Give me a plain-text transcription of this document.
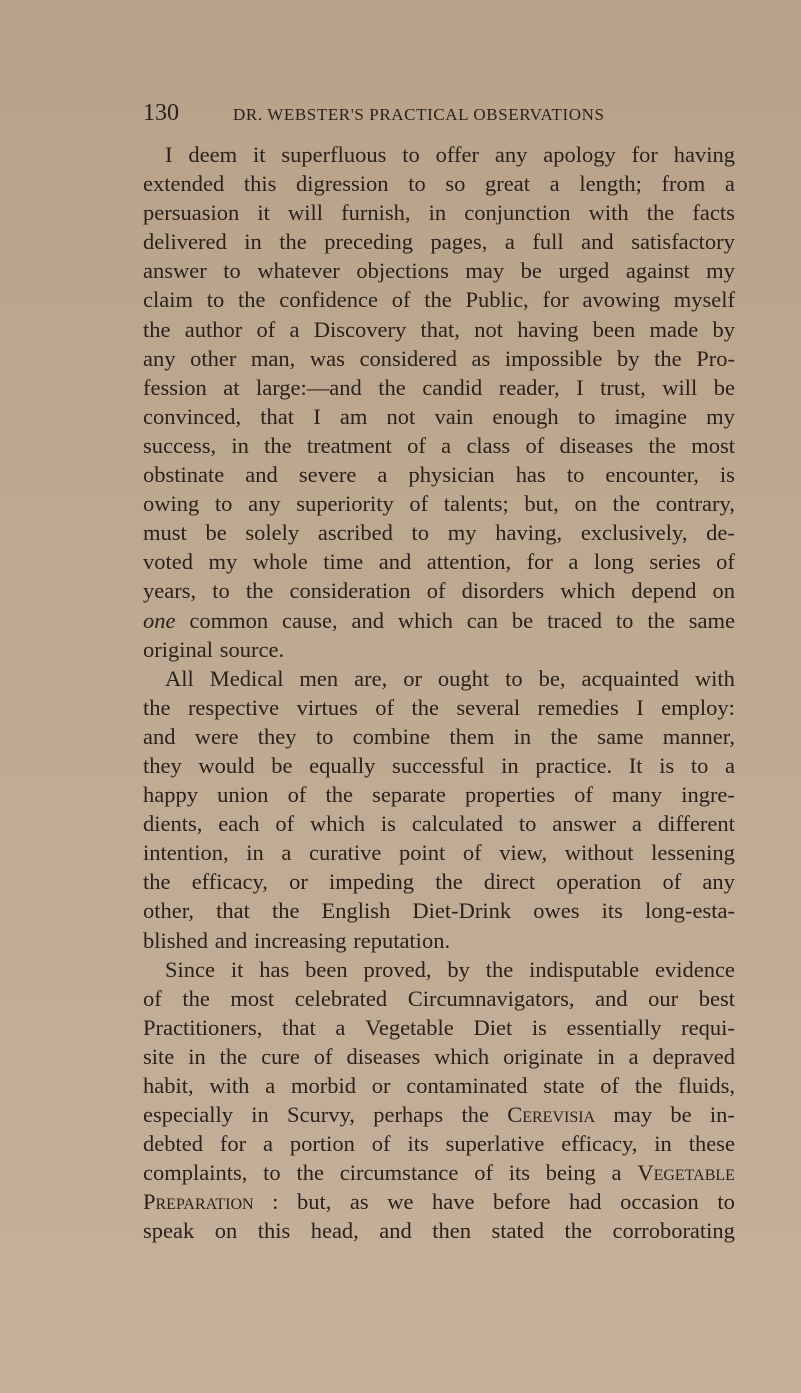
130	DR. WEBSTER'S PRACTICAL OBSERVATIONS
I deem it superfluous to offer any apology for having
extended this digression to so great a length; from a
persuasion it will furnish, in conjunction with the facts
delivered in the preceding pages, a full and satisfactory
answer to whatever objections may be urged against my
claim to the confidence of the Public, for avowing myself
the author of a Discovery that, not having been made by
any other man, was considered as impossible by the Pro-
fession at large:—and the candid reader, I trust, will be
convinced, that I am not vain enough to imagine my
success, in the treatment of a class of diseases the most
obstinate and severe a physician has to encounter, is
owing to any superiority of talents; but, on the contrary,
must be solely ascribed to my having, exclusively, de-
voted my whole time and attention, for a long series of
years, to the consideration of disorders which depend on
one common cause, and which can be traced to the same
original source.
All Medical men are, or ought to be, acquainted with
the respective virtues of the several remedies I employ:
and were they to combine them in the same manner,
they would be equally successful in practice. It is to a
happy union of the separate properties of many ingre-
dients, each of which is calculated to answer a different
intention, in a curative point of view, without lessening
the efficacy, or impeding the direct operation of any
other, that the English Diet-Drink owes its long-esta-
blished and increasing reputation.
Since it has been proved, by the indisputable evidence
of the most celebrated Circumnavigators, and our best
Practitioners, that a Vegetable Diet is essentially requi-
site in the cure of diseases which originate in a depraved
habit, with a morbid or contaminated state of the fluids,
especially in Scurvy, perhaps the Cerevisia may be in-
debted for a portion of its superlative efficacy, in these
complaints, to the circumstance of its being a Vegetable
Preparation : but, as we have before had occasion to
speak on this head, and then stated the corroborating
